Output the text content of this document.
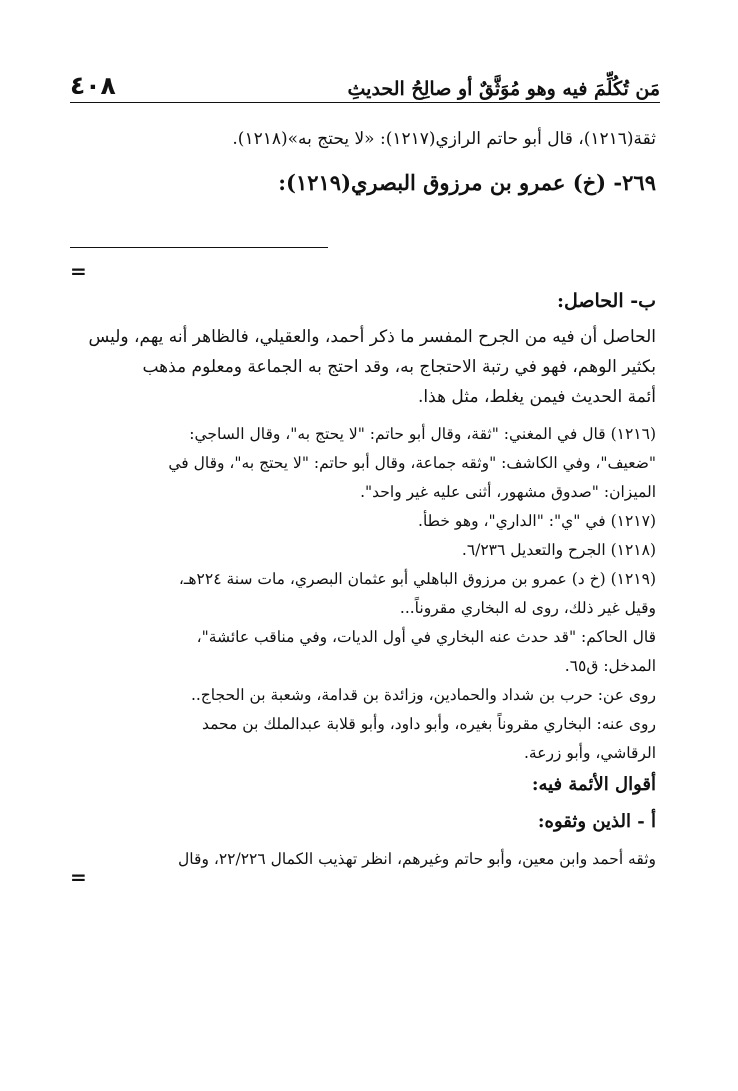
مَن تُكُلِّمَ فيه وهو مُوَثَّقٌ أو صالِحُ الحديثِ
٤٠٨
ثقة(١٢١٦)، قال أبو حاتم الرازي(١٢١٧): «لا يحتج به»(١٢١٨).
٢٦٩- (خ) عمرو بن مرزوق البصري(١٢١٩):
=
ب- الحاصل:
الحاصل أن فيه من الجرح المفسر ما ذكر أحمد، والعقيلي، فالظاهر أنه يهم، وليس
بكثير الوهم، فهو في رتبة الاحتجاج به، وقد احتج به الجماعة ومعلوم مذهب
أئمة الحديث فيمن يغلط، مثل هذا.
(١٢١٦) قال في المغني: "ثقة، وقال أبو حاتم: "لا يحتج به"، وقال الساجي:
"ضعيف"، وفي الكاشف: "وثقه جماعة، وقال أبو حاتم: "لا يحتج به"، وقال في
الميزان: "صدوق مشهور، أثنى عليه غير واحد".
(١٢١٧) في "ي": "الداري"، وهو خطأ.
(١٢١٨) الجرح والتعديل ٦/٢٣٦.
(١٢١٩) (خ د) عمرو بن مرزوق الباهلي أبو عثمان البصري، مات سنة ٢٢٤هـ،
وقيل غير ذلك، روى له البخاري مقروناً...
قال الحاكم: "قد حدث عنه البخاري في أول الديات، وفي مناقب عائشة"،
المدخل: ق٦٥.
روى عن: حرب بن شداد والحمادين، وزائدة بن قدامة، وشعبة بن الحجاج..
روى عنه: البخاري مقروناً بغيره، وأبو داود، وأبو قلابة عبدالملك بن محمد
الرقاشي، وأبو زرعة.
أقوال الأئمة فيه:
أ - الذين وثقوه:
وثقه أحمد وابن معين، وأبو حاتم وغيرهم، انظر تهذيب الكمال ٢٢/٢٢٦، وقال
=
